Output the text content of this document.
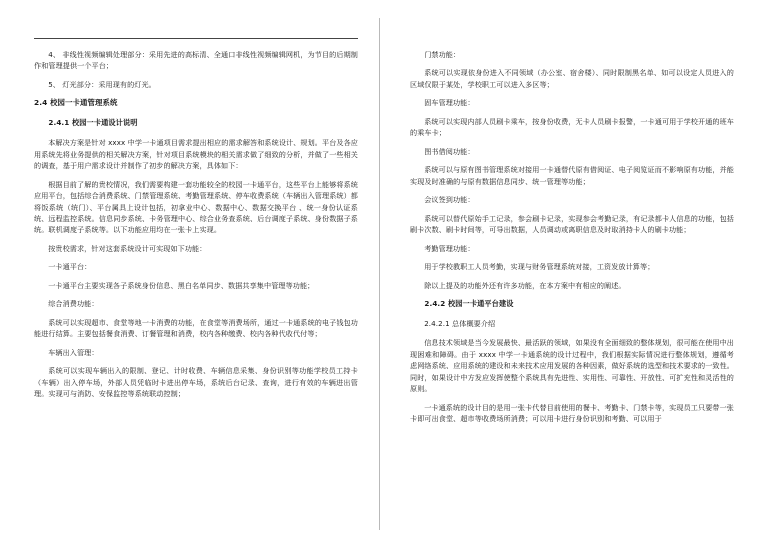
4、 非线性视频编辑处理部分：采用先进的高标清、全通口非线性视频编辑网机，为节目的后期制作和管理提供一个平台；

5、 灯光部分：采用现有的灯光。

2.4 校园一卡通管理系统

2.4.1 校园一卡通设计说明

本解决方案是针对 xxxx 中学一卡通项目需求提出相应的需求解答和系统设计、规划。平台及各应用系统先将业务提供的相关解决方案，针对项目系统模块的相关需求做了细致的分析，并做了一些相关的调查，基于用户需求设计并制作了初步的解决方案，具体如下：

根据目前了解的贵校情况，我们需要构建一套功能较全的校园一卡通平台，这些平台上能够将系统应用平台，包括综合消费系统、门禁管理系统、考勤管理系统、停车收费系统（车辆出入管理系统）都 将饭系统（统门）、平台属具上设计包括，初拿业中心、数据中心、数据交换平台 、统一身份认证系统、远程监控系统。信息同步系统、卡务管理中心、综合业务查系统、后台调度子系统、身份数据子系统。联机调度子系统等。以下功能应用均在一张卡上实现。

按贵校需求，针对这套系统设计可实现如下功能：

一卡通平台：

一卡通平台主要实现各子系统身份信息、黑白名单同步、数据共享集中管理等功能；

综合消费功能：

系统可以实现超市、食堂等地一卡消费的功能，在食堂等消费场所，通过一卡通系统的电子钱包功能进行结算。主要包括餐食消费、订餐管理和消费，校内各种缴费、校内各种代收代付等；

车辆出入管理：

系统可以实现车辆出入的限制、登记、计时收费、车辆信息采集、身份识别等功能学校员工持卡（车辆）出入停车场，外部人员凭临时卡进出停车场，系统后台记录、查询，进行有效的车辆进出管理。实现可与消防、安保监控等系统联动控制；

门禁功能：

系统可以实现依身份进入不同领域（办公室、宿舍楼）、同时限制黑名单、如可以设定人员进入的区域仅限于某处，学校职工可以进入多区等；

固车管理功能：

系统可以实现内部人员刷卡乘车，按身份收费，无卡人员刷卡报警，一卡通可用于学校开通的班车的乘车卡；

图书借阅功能：

系统可以与原有图书管理系统对接用一卡通替代原有借阅证、电子阅览证而不影响原有功能，并能实现及时准确的与原有数据信息同步、统一管理等功能；

会议签到功能：

系统可以替代原始手工记录，参会刷卡记录，实现参会考勤记录，有记录都卡人信息的功能，包括刷卡次数、刷卡时间等，可导出数据，人员调动或离职信息及时取消持卡人的刷卡功能；

考勤管理功能：

用于学校教职工人员考勤，实现与财务管理系统对接，工资发放计算等；

除以上提及的功能外还有许多功能，在本方案中有相应的阐述。

2.4.2 校园一卡通平台建设

2.4.2.1 总体概要介绍

信息技术领域是当今发展最快、最活跃的领域，如果没有全面细致的整体规划，很可能在使用中出现困难和障碍。由于 xxxx 中学一卡通系统的设计过程中，我们根据实际情况进行整体规划，遵循考虑网络系统、应用系统的建设和未来技术应用发展的各种因素，做好系统的选型和技术要求的一致性。同时，如果设计中方发应发挥使整个系统具有先进性、实用性、可靠性、开放性、可扩充性和灵活性的原则。

一卡通系统的设计目的是用一张卡代替目前使用的餐卡、考勤卡、门禁卡等，实现员工只要带一张卡即可出食堂、超市等收费场所消费；可以用卡进行身份识别和考勤、可以用于
